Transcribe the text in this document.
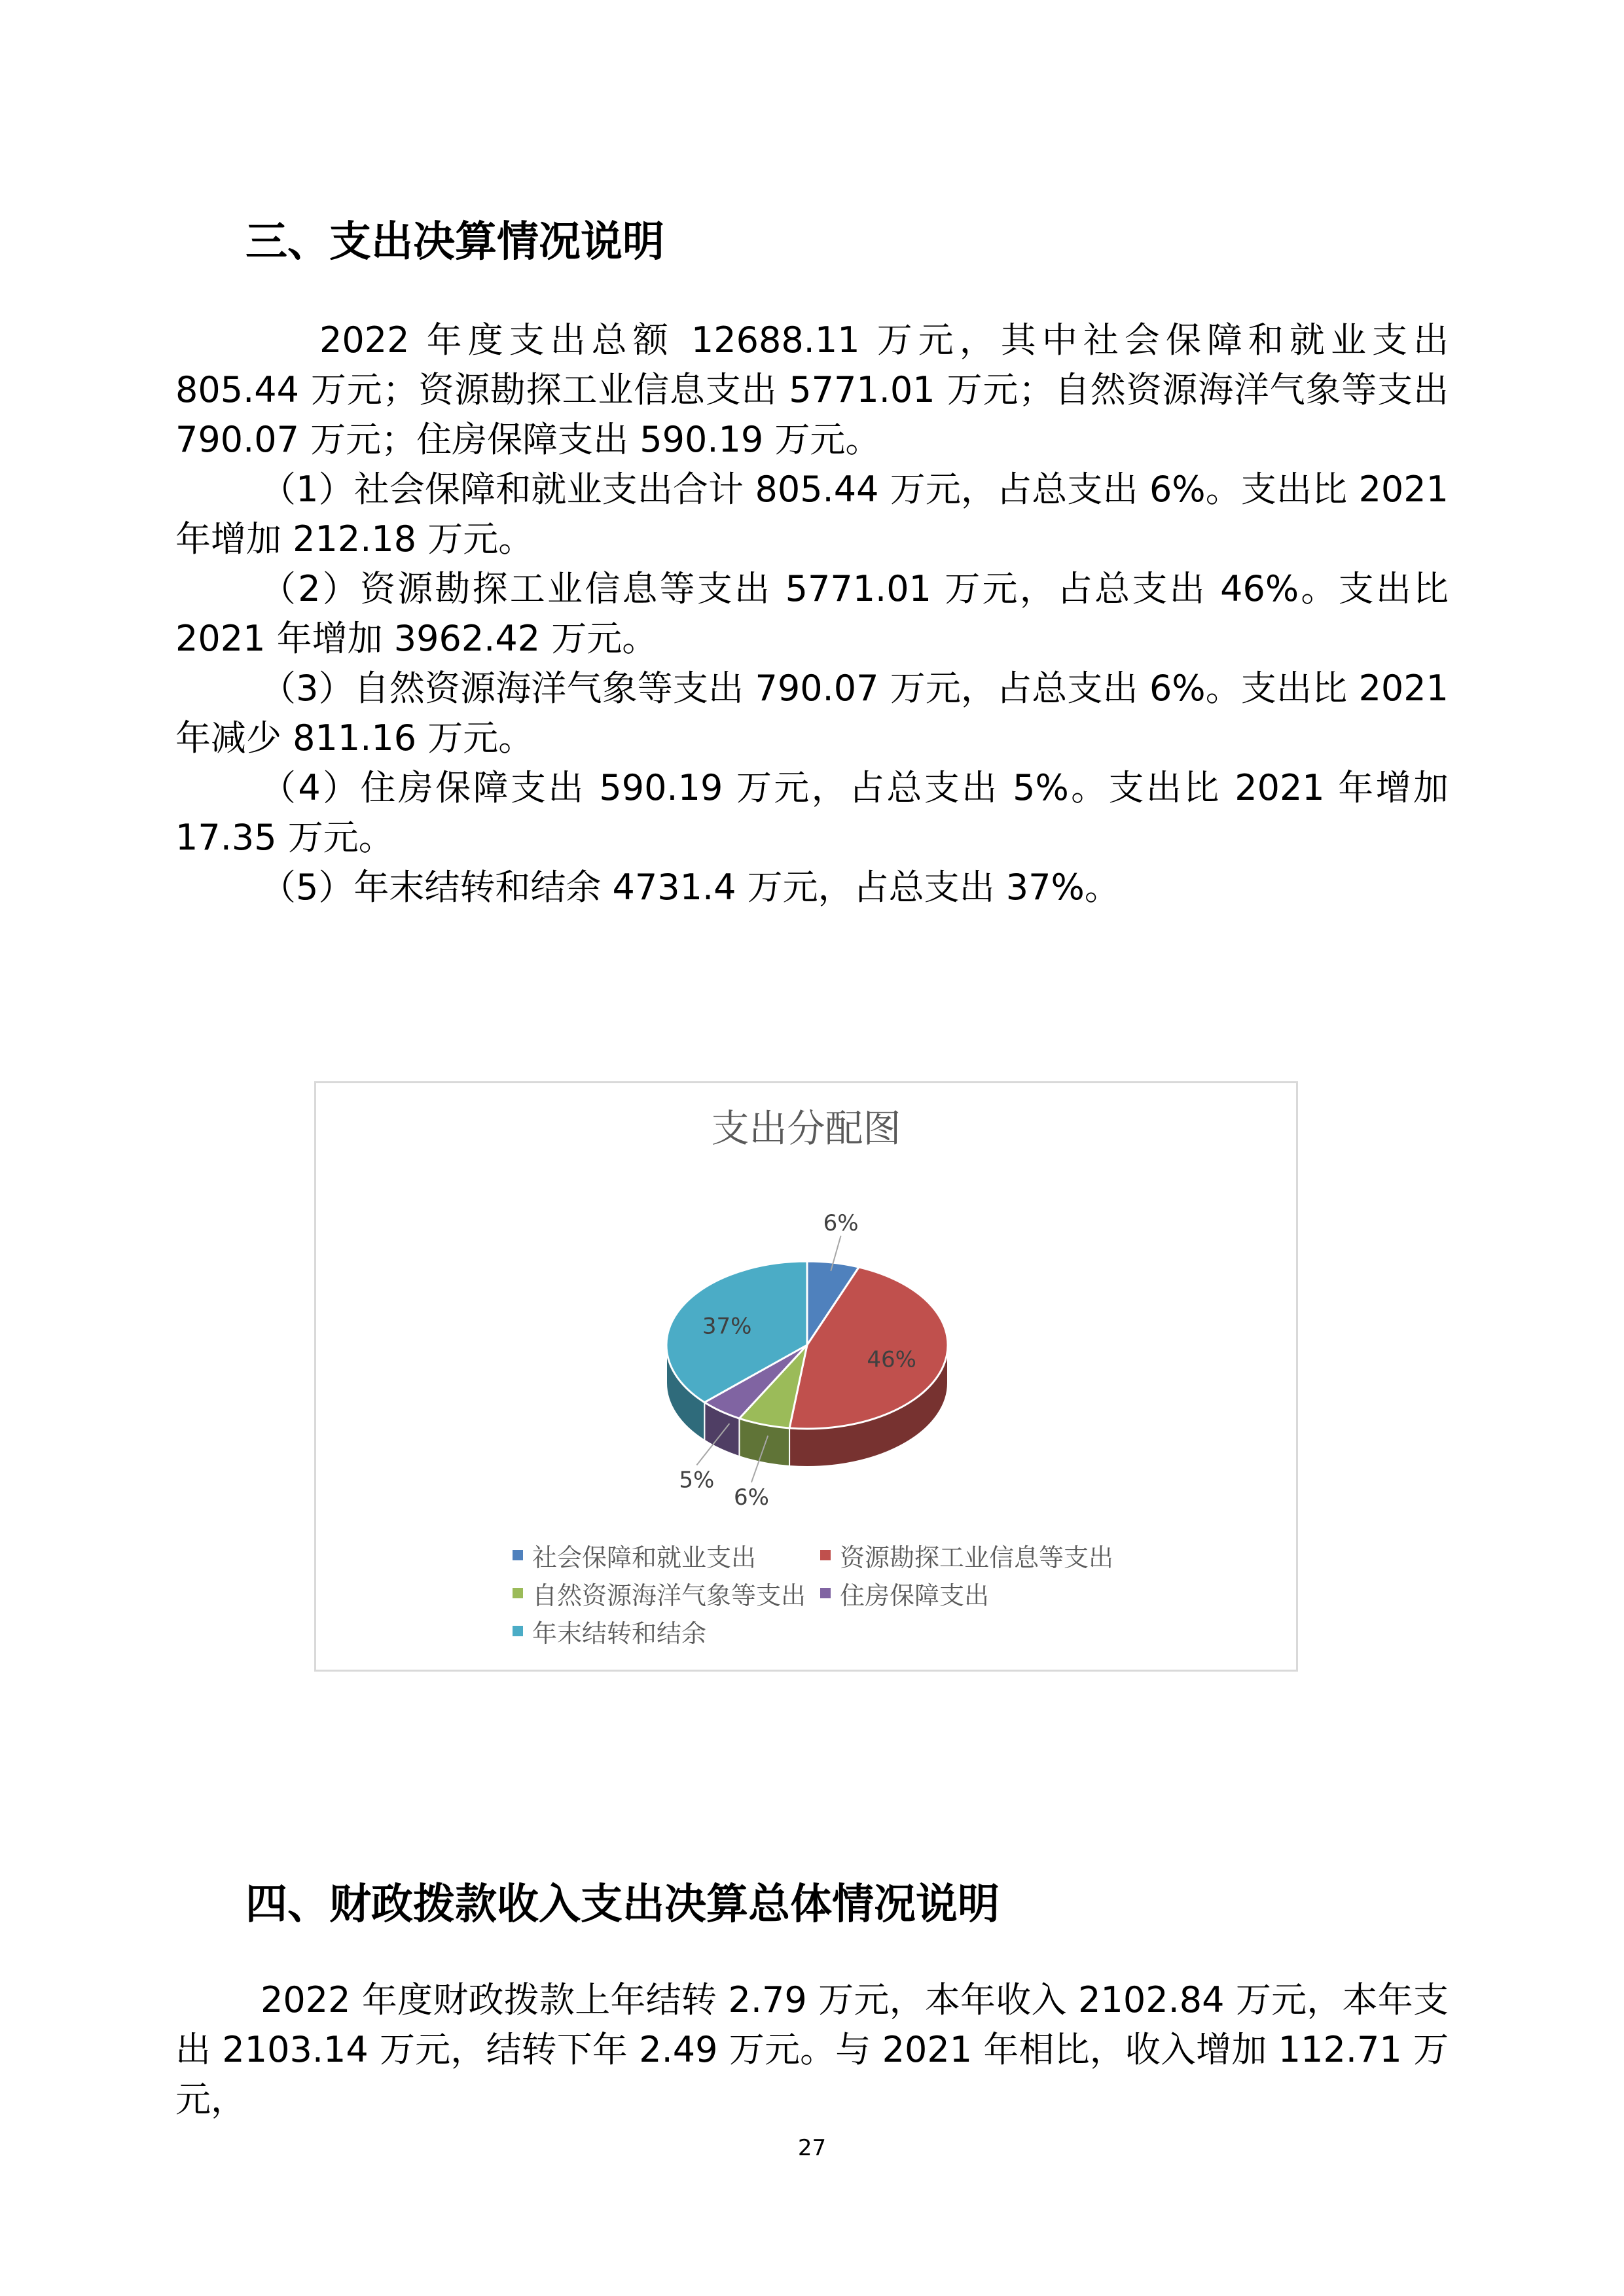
三、支出决算情况说明
2022 年度支出总额 12688.11 万元，其中社会保障和就业支出 805.44 万元；资源勘探工业信息支出 5771.01 万元；自然资源海洋气象等支出 790.07 万元；住房保障支出 590.19 万元。

（1）社会保障和就业支出合计 805.44 万元，占总支出 6%。支出比 2021 年增加 212.18 万元。

（2）资源勘探工业信息等支出 5771.01 万元，占总支出 46%。支出比 2021 年增加 3962.42 万元。

（3）自然资源海洋气象等支出 790.07 万元，占总支出 6%。支出比 2021 年减少 811.16 万元。

（4）住房保障支出 590.19 万元，占总支出 5%。支出比 2021 年增加 17.35 万元。

（5）年末结转和结余 4731.4 万元，占总支出 37%。

支出分配图
6%
46%
6%
5%
37%
社会保障和就业支出	资源勘探工业信息等支出
自然资源海洋气象等支出 住房保障支出
年末结转和结余
四、财政拨款收入支出决算总体情况说明

2022 年度财政拨款上年结转 2.79 万元，本年收入 2102.84 万元，本年支出 2103.14 万元，结转下年 2.49 万元。与 2021 年相比，收入增加 112.71 万元，

27
